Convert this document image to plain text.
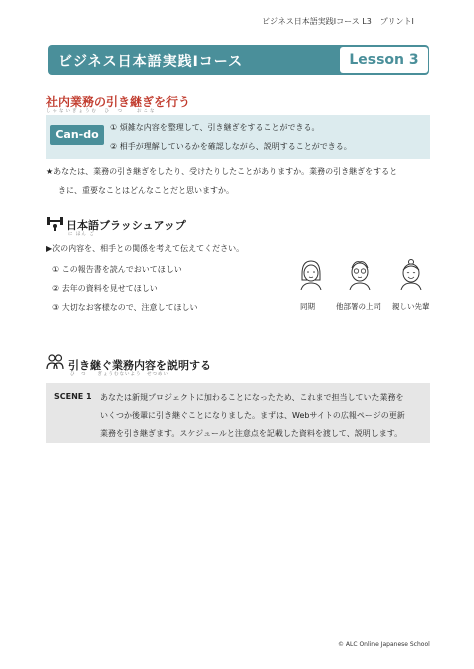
ビジネス日本語実践Ⅰコース L3　プリントⅠ
ビジネス日本語実践Ⅰコース	Lesson 3
社内業務の引き継ぎを行う
しゃないぎょうむ　ひ　つ　　おこな
Can-do
① 煩雑な内容を整理して、引き継ぎをすることができる。
② 相手が理解しているかを確認しながら、説明することができる。
★あなたは、業務の引き継ぎをしたり、受けたりしたことがありますか。業務の引き継ぎをすると
きに、重要なことはどんなことだと思いますか。
日本語ブラッシュアップ
に ほん ご
▶次の内容を、相手との関係を考えて伝えてください。
① この報告書を読んでおいてほしい
② 去年の資料を見せてほしい
③ 大切なお客様なので、注意してほしい	同期	他部署の上司 親しい先輩
引き継ぐ業務内容を説明する
ひ　つ　　ぎょうむないよう　せつめい
SCENE 1 あなたは新規プロジェクトに加わることになったため、これまで担当していた業務を
いくつか後輩に引き継ぐことになりました。まずは、Webサイトの広報ページの更新
業務を引き継ぎます。スケジュールと注意点を記載した資料を渡して、説明します。
© ALC Online Japanese School
